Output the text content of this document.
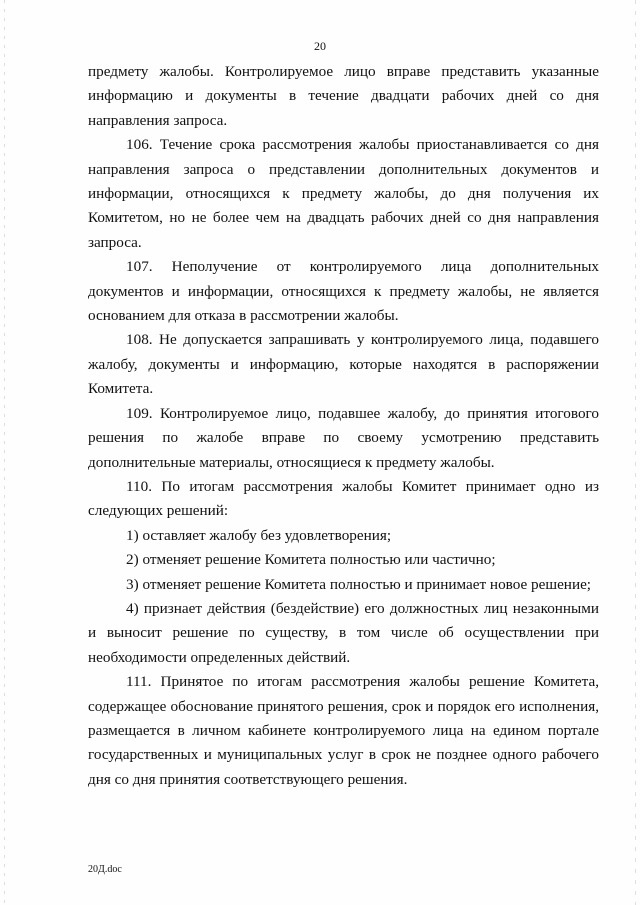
20

предмету жалобы. Контролируемое лицо вправе представить указанные информацию и документы в течение двадцати рабочих дней со дня направления запроса.

106. Течение срока рассмотрения жалобы приостанавливается со дня направления запроса о представлении дополнительных документов и информации, относящихся к предмету жалобы, до дня получения их Комитетом, но не более чем на двадцать рабочих дней со дня направления запроса.

107. Неполучение от контролируемого лица дополнительных документов и информации, относящихся к предмету жалобы, не является основанием для отказа в рассмотрении жалобы.

108. Не допускается запрашивать у контролируемого лица, подавшего жалобу, документы и информацию, которые находятся в распоряжении Комитета.

109. Контролируемое лицо, подавшее жалобу, до принятия итогового решения по жалобе вправе по своему усмотрению представить дополнительные материалы, относящиеся к предмету жалобы.

110. По итогам рассмотрения жалобы Комитет принимает одно из следующих решений:

1) оставляет жалобу без удовлетворения;

2) отменяет решение Комитета полностью или частично;

3) отменяет решение Комитета полностью и принимает новое решение;

4) признает действия (бездействие) его должностных лиц незаконными и выносит решение по существу, в том числе об осуществлении при необходимости определенных действий.

111. Принятое по итогам рассмотрения жалобы решение Комитета, содержащее обоснование принятого решения, срок и порядок его исполнения, размещается в личном кабинете контролируемого лица на едином портале государственных и муниципальных услуг в срок не позднее одного рабочего дня со дня принятия соответствующего решения.

20Д.doc
